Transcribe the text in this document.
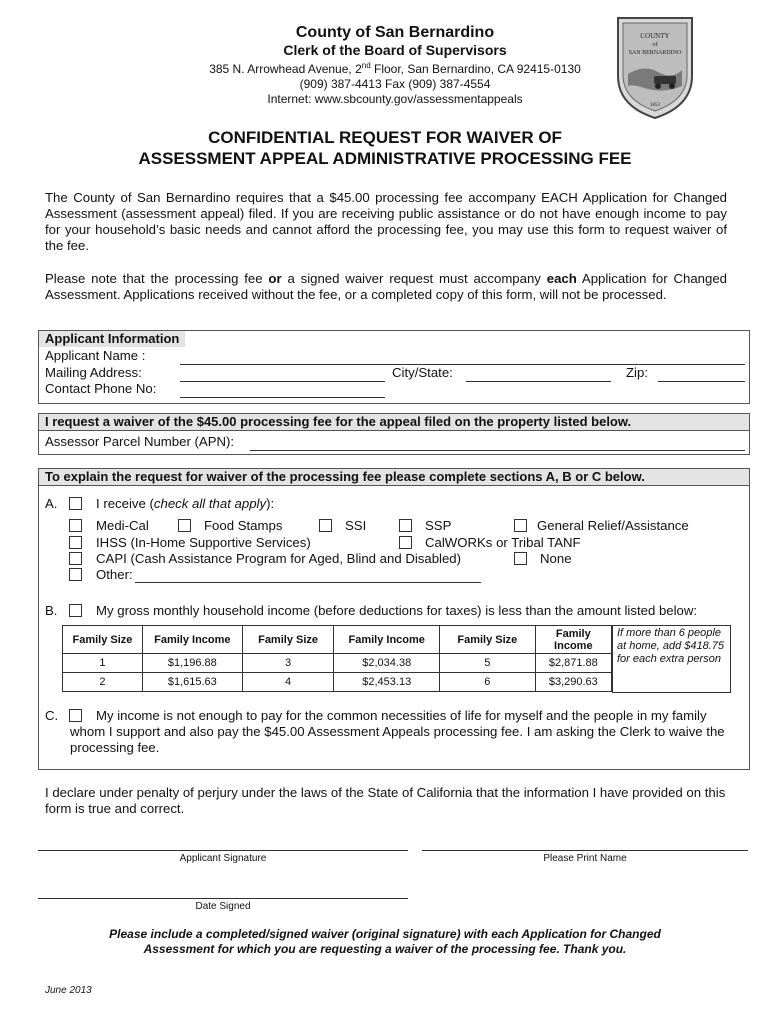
County of San Bernardino
Clerk of the Board of Supervisors
385 N. Arrowhead Avenue, 2nd Floor, San Bernardino, CA 92415-0130
(909) 387-4413 Fax (909) 387-4554
Internet: www.sbcounty.gov/assessmentappeals
COUNTY
of
SAN BERNARDINO
1853
CONFIDENTIAL REQUEST FOR WAIVER OF
ASSESSMENT APPEAL ADMINISTRATIVE PROCESSING FEE
The County of San Bernardino requires that a $45.00 processing fee accompany EACH Application for Changed Assessment (assessment appeal) filed. If you are receiving public assistance or do not have enough income to pay for your household’s basic needs and cannot afford the processing fee, you may use this form to request waiver of the fee.
Please note that the processing fee or a signed waiver request must accompany each Application for Changed Assessment. Applications received without the fee, or a completed copy of this form, will not be processed.
Applicant Information
Applicant Name :
Mailing Address:	City/State:	Zip:
Contact Phone No:
I request a waiver of the $45.00 processing fee for the appeal filed on the property listed below.
Assessor Parcel Number (APN):
To explain the request for waiver of the processing fee please complete sections A, B or C below.
A.	I receive (check all that apply):
Medi-Cal	Food Stamps	SSI	SSP	General Relief/Assistance
IHSS (In-Home Supportive Services)	CalWORKs or Tribal TANF
CAPI (Cash Assistance Program for Aged, Blind and Disabled)	None
Other:
B.	My gross monthly household income (before deductions for taxes) is less than the amount listed below:
Family Size	Family Income	Family Size	Family Income	Family Size	Family Income
1	$1,196.88	3	$2,034.38	5	$2,871.88
2	$1,615.63	4	$2,453.13	6	$3,290.63
If more than 6 people at home, add $418.75 for each extra person
C.	My income is not enough to pay for the common necessities of life for myself and the people in my family whom I support and also pay the $45.00 Assessment Appeals processing fee. I am asking the Clerk to waive the processing fee.
I declare under penalty of perjury under the laws of the State of California that the information I have provided on this form is true and correct.
Applicant Signature	Please Print Name
Date Signed
Please include a completed/signed waiver (original signature) with each Application for Changed
Assessment for which you are requesting a waiver of the processing fee. Thank you.
June 2013
